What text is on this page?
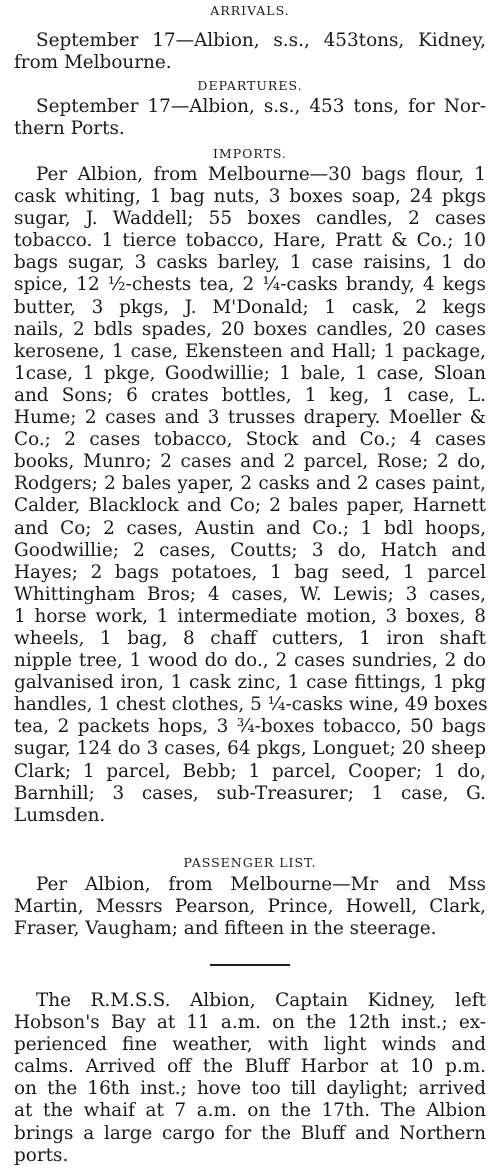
ARRIVALS.
September 17—Albion, s.s., 453tons, Kidney,
from Melbourne.
DEPARTURES.
September 17—Albion, s.s., 453 tons, for Nor-
thern Ports.
IMPORTS.
Per Albion, from Melbourne—30 bags flour, 1
cask whiting, 1 bag nuts, 3 boxes soap, 24 pkgs
sugar, J. Waddell; 55 boxes candles, 2 cases
tobacco. 1 tierce tobacco, Hare, Pratt & Co.; 10
bags sugar, 3 casks barley, 1 case raisins, 1 do
spice, 12 ½-chests tea, 2 ¼-casks brandy, 4 kegs
butter, 3 pkgs, J. M'Donald; 1 cask, 2 kegs
nails, 2 bdls spades, 20 boxes candles, 20 cases
kerosene, 1 case, Ekensteen and Hall; 1 package,
1case, 1 pkge, Goodwillie; 1 bale, 1 case, Sloan
and Sons; 6 crates bottles, 1 keg, 1 case, L.
Hume; 2 cases and 3 trusses drapery. Moeller &
Co.; 2 cases tobacco, Stock and Co.; 4 cases
books, Munro; 2 cases and 2 parcel, Rose; 2 do,
Rodgers; 2 bales yaper, 2 casks and 2 cases paint,
Calder, Blacklock and Co; 2 bales paper, Harnett
and Co; 2 cases, Austin and Co.; 1 bdl hoops,
Goodwillie; 2 cases, Coutts; 3 do, Hatch and
Hayes; 2 bags potatoes, 1 bag seed, 1 parcel
Whittingham Bros; 4 cases, W. Lewis; 3 cases,
1 horse work, 1 intermediate motion, 3 boxes, 8
wheels, 1 bag, 8 chaff cutters, 1 iron shaft
nipple tree, 1 wood do do., 2 cases sundries, 2 do
galvanised iron, 1 cask zinc, 1 case fittings, 1 pkg
handles, 1 chest clothes, 5 ¼-casks wine, 49 boxes
tea, 2 packets hops, 3 ¾-boxes tobacco, 50 bags
sugar, 124 do 3 cases, 64 pkgs, Longuet; 20 sheep
Clark; 1 parcel, Bebb; 1 parcel, Cooper; 1 do,
Barnhill; 3 cases, sub-Treasurer; 1 case, G.
Lumsden.
PASSENGER LIST.
Per Albion, from Melbourne—Mr and Mss
Martin, Messrs Pearson, Prince, Howell, Clark,
Fraser, Vaugham; and fifteen in the steerage.
The R.M.S.S. Albion, Captain Kidney, left
Hobson's Bay at 11 a.m. on the 12th inst.; ex-
perienced fine weather, with light winds and
calms. Arrived off the Bluff Harbor at 10 p.m.
on the 16th inst.; hove too till daylight; arrived
at the whaif at 7 a.m. on the 17th. The Albion
brings a large cargo for the Bluff and Northern
ports.
